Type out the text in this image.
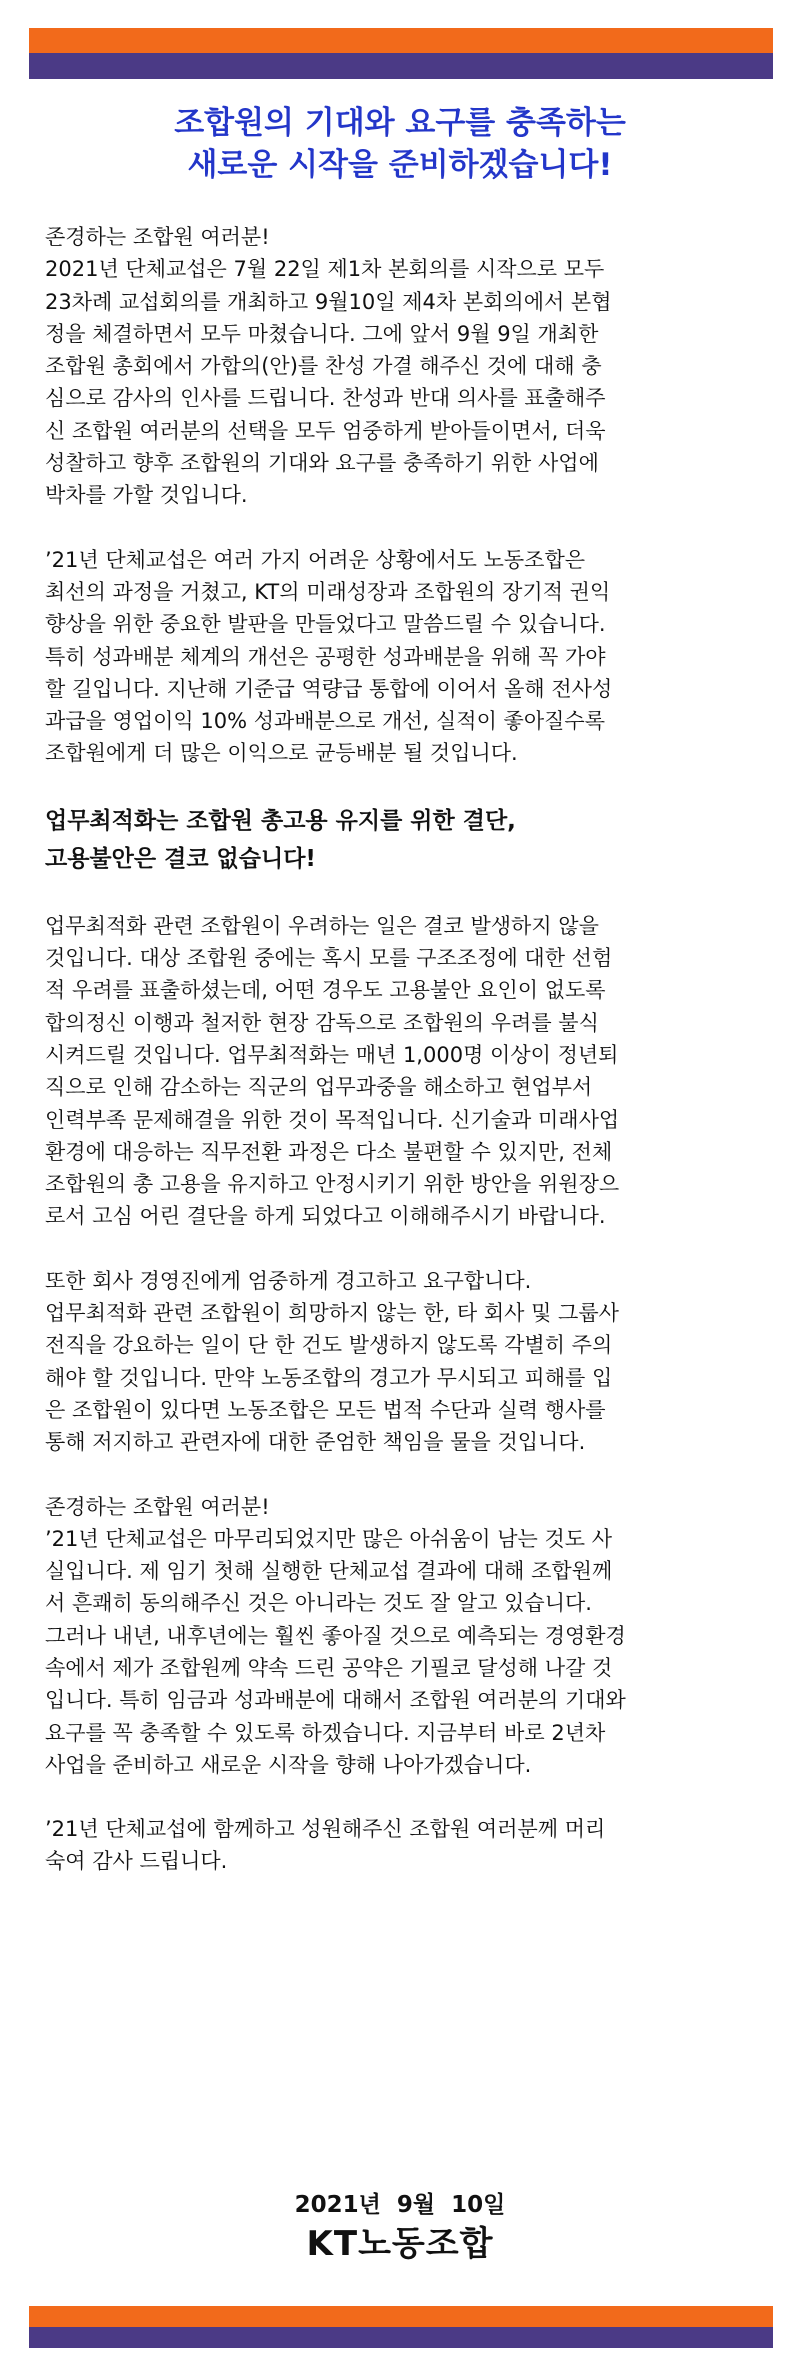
조합원의 기대와 요구를 충족하는
새로운 시작을 준비하겠습니다!
존경하는 조합원 여러분!
2021년 단체교섭은 7월 22일 제1차 본회의를 시작으로 모두
23차례 교섭회의를 개최하고 9월10일 제4차 본회의에서 본협
정을 체결하면서 모두 마쳤습니다. 그에 앞서 9월 9일 개최한
조합원 총회에서 가합의(안)를 찬성 가결 해주신 것에 대해 충
심으로 감사의 인사를 드립니다. 찬성과 반대 의사를 표출해주
신 조합원 여러분의 선택을 모두 엄중하게 받아들이면서, 더욱
성찰하고 향후 조합원의 기대와 요구를 충족하기 위한 사업에
박차를 가할 것입니다.
’21년 단체교섭은 여러 가지 어려운 상황에서도 노동조합은
최선의 과정을 거쳤고, KT의 미래성장과 조합원의 장기적 권익
향상을 위한 중요한 발판을 만들었다고 말씀드릴 수 있습니다.
특히 성과배분 체계의 개선은 공평한 성과배분을 위해 꼭 가야
할 길입니다. 지난해 기준급 역량급 통합에 이어서 올해 전사성
과급을 영업이익 10% 성과배분으로 개선, 실적이 좋아질수록
조합원에게 더 많은 이익으로 균등배분 될 것입니다.
업무최적화는 조합원 총고용 유지를 위한 결단,
고용불안은 결코 없습니다!
업무최적화 관련 조합원이 우려하는 일은 결코 발생하지 않을
것입니다. 대상 조합원 중에는 혹시 모를 구조조정에 대한 선험
적 우려를 표출하셨는데, 어떤 경우도 고용불안 요인이 없도록
합의정신 이행과 철저한 현장 감독으로 조합원의 우려를 불식
시켜드릴 것입니다. 업무최적화는 매년 1,000명 이상이 정년퇴
직으로 인해 감소하는 직군의 업무과중을 해소하고 현업부서
인력부족 문제해결을 위한 것이 목적입니다. 신기술과 미래사업
환경에 대응하는 직무전환 과정은 다소 불편할 수 있지만, 전체
조합원의 총 고용을 유지하고 안정시키기 위한 방안을 위원장으
로서 고심 어린 결단을 하게 되었다고 이해해주시기 바랍니다.
또한 회사 경영진에게 엄중하게 경고하고 요구합니다.
업무최적화 관련 조합원이 희망하지 않는 한, 타 회사 및 그룹사
전직을 강요하는 일이 단 한 건도 발생하지 않도록 각별히 주의
해야 할 것입니다. 만약 노동조합의 경고가 무시되고 피해를 입
은 조합원이 있다면 노동조합은 모든 법적 수단과 실력 행사를
통해 저지하고 관련자에 대한 준엄한 책임을 물을 것입니다.
존경하는 조합원 여러분!
’21년 단체교섭은 마무리되었지만 많은 아쉬움이 남는 것도 사
실입니다. 제 임기 첫해 실행한 단체교섭 결과에 대해 조합원께
서 흔쾌히 동의해주신 것은 아니라는 것도 잘 알고 있습니다.
그러나 내년, 내후년에는 훨씬 좋아질 것으로 예측되는 경영환경
속에서 제가 조합원께 약속 드린 공약은 기필코 달성해 나갈 것
입니다. 특히 임금과 성과배분에 대해서 조합원 여러분의 기대와
요구를 꼭 충족할 수 있도록 하겠습니다. 지금부터 바로 2년차
사업을 준비하고 새로운 시작을 향해 나아가겠습니다.
’21년 단체교섭에 함께하고 성원해주신 조합원 여러분께 머리
숙여 감사 드립니다.
2021년  9월  10일
KT노동조합
